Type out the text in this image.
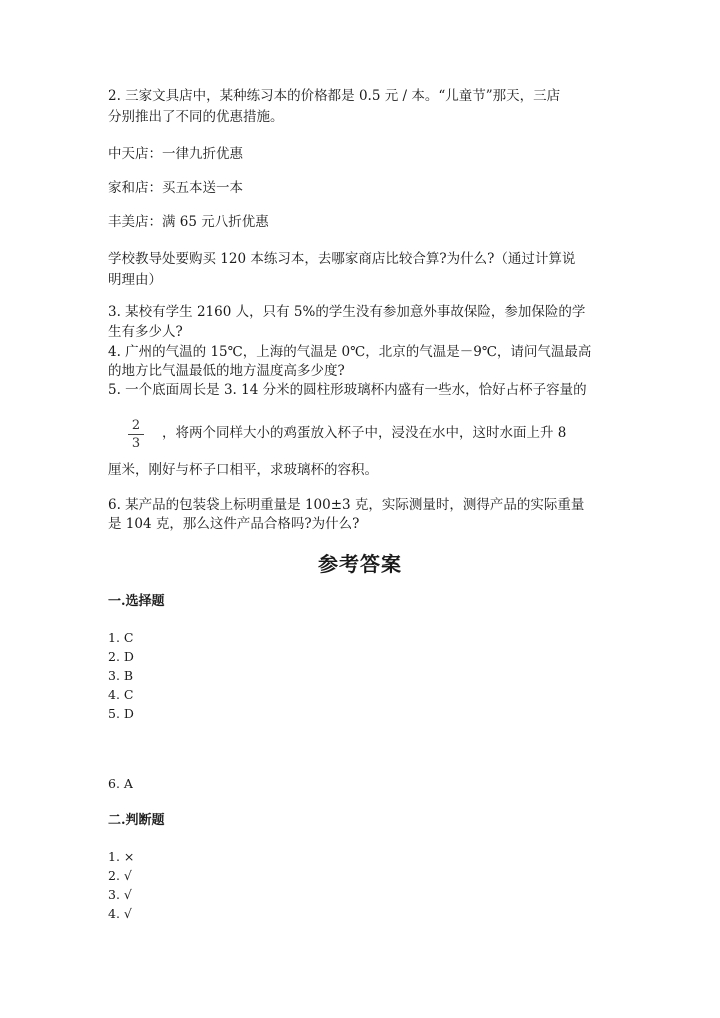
2. 三家文具店中，某种练习本的价格都是 0.5 元 / 本。“儿童节”那天，三店
分别推出了不同的优惠措施。
中天店：一律九折优惠
家和店：买五本送一本
丰美店：满 65 元八折优惠
学校教导处要购买 120 本练习本，去哪家商店比较合算?为什么?（通过计算说
明理由）
3. 某校有学生 2160 人，只有 5%的学生没有参加意外事故保险，参加保险的学
生有多少人?
4. 广州的气温的 15℃，上海的气温是 0℃，北京的气温是－9℃，请问气温最高
的地方比气温最低的地方温度高多少度?
5. 一个底面周长是 3. 14 分米的圆柱形玻璃杯内盛有一些水，恰好占杯子容量的
2
3
，将两个同样大小的鸡蛋放入杯子中，浸没在水中，这时水面上升 8
厘米，刚好与杯子口相平，求玻璃杯的容积。
6. 某产品的包装袋上标明重量是 100±3 克，实际测量时，测得产品的实际重量
是 104 克，那么这件产品合格吗?为什么?
参考答案
一.选择题
1. C
2. D
3. B
4. C
5. D
6. A
二.判断题
1. ×
2. √
3. √
4. √
